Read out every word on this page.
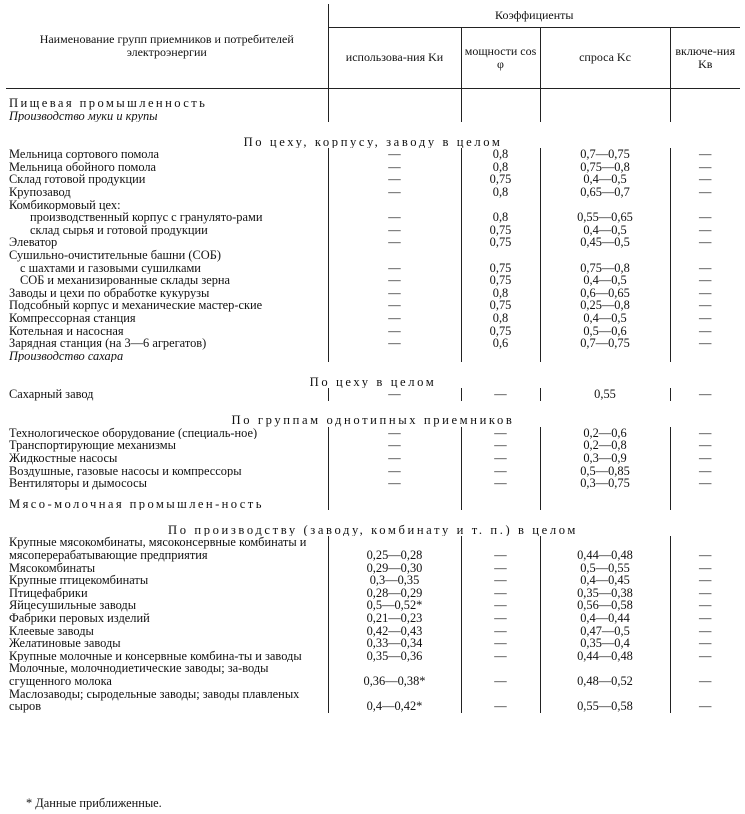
Наименование групп приемников и потребителей электроэнергии	Коэффициенты			
	использова-ния Kи	мощности cos φ	спроса Kс	включе-ния Kв
Пищевая промышленность				
Производство муки и крупы				
По цеху, корпусу, заводу в целом				
Мельница сортового помола	—	0,8	0,7—0,75	—
Мельница обойного помола	—	0,8	0,75—0,8	—
Склад готовой продукции	—	0,75	0,4—0,5	—
Крупозавод	—	0,8	0,65—0,7	—
Комбикормовый цех:				
производственный корпус с гранулято-рами	—	0,8	0,55—0,65	—
склад сырья и готовой продукции	—	0,75	0,4—0,5	—
Элеватор	—	0,75	0,45—0,5	—
Сушильно-очистительные башни (СОБ)				
с шахтами и газовыми сушилками	—	0,75	0,75—0,8	—
СОБ и механизированные склады зерна	—	0,75	0,4—0,5	—
Заводы и цехи по обработке кукурузы	—	0,8	0,6—0,65	—
Подсобный корпус и механические мастер-ские	—	0,75	0,25—0,8	—
Компрессорная станция	—	0,8	0,4—0,5	—
Котельная и насосная	—	0,75	0,5—0,6	—
Зарядная станция (на 3—6 агрегатов)	—	0,6	0,7—0,75	—
Производство сахара				
По цеху в целом				
Сахарный завод	—	—	0,55	—
По группам однотипных приемников				
Технологическое оборудование (специаль-ное)	—	—	0,2—0,6	—
Транспортирующие механизмы	—	—	0,2—0,8	—
Жидкостные насосы	—	—	0,3—0,9	—
Воздушные, газовые насосы и компрессоры	—	—	0,5—0,85	—
Вентиляторы и дымососы	—	—	0,3—0,75	—
Мясо-молочная промышлен-ность				
По производству (заводу, комбинату и т. п.) в целом				
Крупные мясокомбинаты, мясоконсервные комбинаты и мясоперерабатывающие предприятия	0,25—0,28	—	0,44—0,48	—
Мясокомбинаты	0,29—0,30	—	0,5—0,55	—
Крупные птицекомбинаты	0,3—0,35	—	0,4—0,45	—
Птицефабрики	0,28—0,29	—	0,35—0,38	—
Яйцесушильные заводы	0,5—0,52*	—	0,56—0,58	—
Фабрики перовых изделий	0,21—0,23	—	0,4—0,44	—
Клеевые заводы	0,42—0,43	—	0,47—0,5	—
Желатиновые заводы	0,33—0,34	—	0,35—0,4	—
Крупные молочные и консервные комбина-ты и заводы	0,35—0,36	—	0,44—0,48	—
Молочные, молочнодиетические заводы; за-воды сгущенного молока	0,36—0,38*	—	0,48—0,52	—
Маслозаводы; сыродельные заводы; заводы плавленых сыров	0,4—0,42*	—	0,55—0,58	—
* Данные приближенные.
